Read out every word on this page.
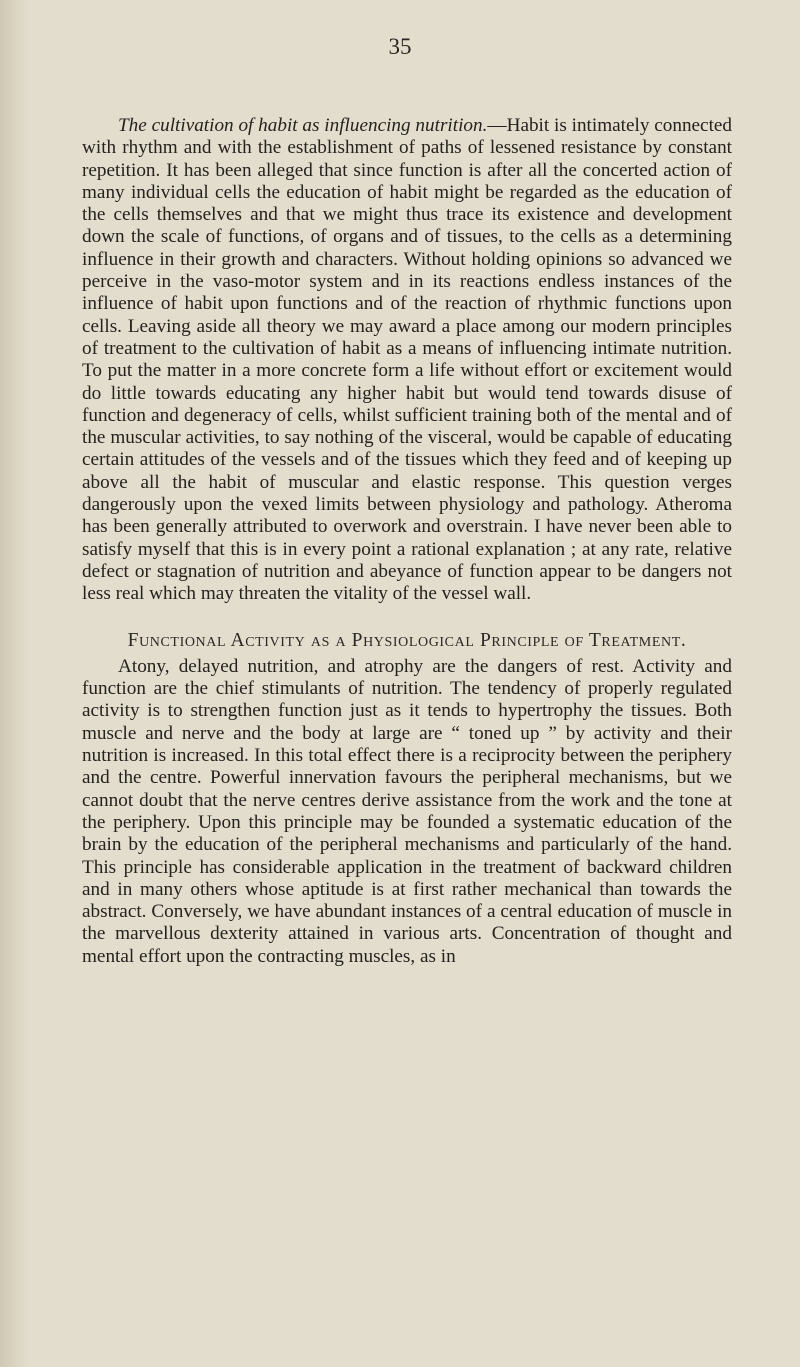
35

The cultivation of habit as influencing nutrition.—Habit is intimately connected with rhythm and with the establishment of paths of lessened resistance by constant repetition. It has been alleged that since function is after all the concerted action of many individual cells the education of habit might be regarded as the education of the cells themselves and that we might thus trace its existence and development down the scale of functions, of organs and of tissues, to the cells as a determining influence in their growth and characters. Without holding opinions so advanced we perceive in the vaso-motor system and in its reactions endless instances of the influence of habit upon functions and of the reaction of rhythmic functions upon cells. Leaving aside all theory we may award a place among our modern principles of treatment to the cultivation of habit as a means of influencing intimate nutrition. To put the matter in a more concrete form a life without effort or excitement would do little towards educating any higher habit but would tend towards disuse of function and degeneracy of cells, whilst sufficient training both of the mental and of the muscular activities, to say nothing of the visceral, would be capable of educating certain attitudes of the vessels and of the tissues which they feed and of keeping up above all the habit of muscular and elastic response. This question verges dangerously upon the vexed limits between physiology and pathology. Atheroma has been generally attributed to overwork and overstrain. I have never been able to satisfy myself that this is in every point a rational explanation ; at any rate, relative defect or stagnation of nutrition and abeyance of function appear to be dangers not less real which may threaten the vitality of the vessel wall.

Functional Activity as a Physiological Principle of Treatment.

Atony, delayed nutrition, and atrophy are the dangers of rest. Activity and function are the chief stimulants of nutrition. The tendency of properly regulated activity is to strengthen function just as it tends to hypertrophy the tissues. Both muscle and nerve and the body at large are “ toned up ” by activity and their nutrition is increased. In this total effect there is a reciprocity between the periphery and the centre. Powerful innervation favours the peripheral mechanisms, but we cannot doubt that the nerve centres derive assistance from the work and the tone at the periphery. Upon this principle may be founded a systematic education of the brain by the education of the peripheral mechanisms and particularly of the hand. This principle has considerable application in the treatment of backward children and in many others whose aptitude is at first rather mechanical than towards the abstract. Conversely, we have abundant instances of a central education of muscle in the marvellous dexterity attained in various arts. Concentration of thought and mental effort upon the contracting muscles, as in
